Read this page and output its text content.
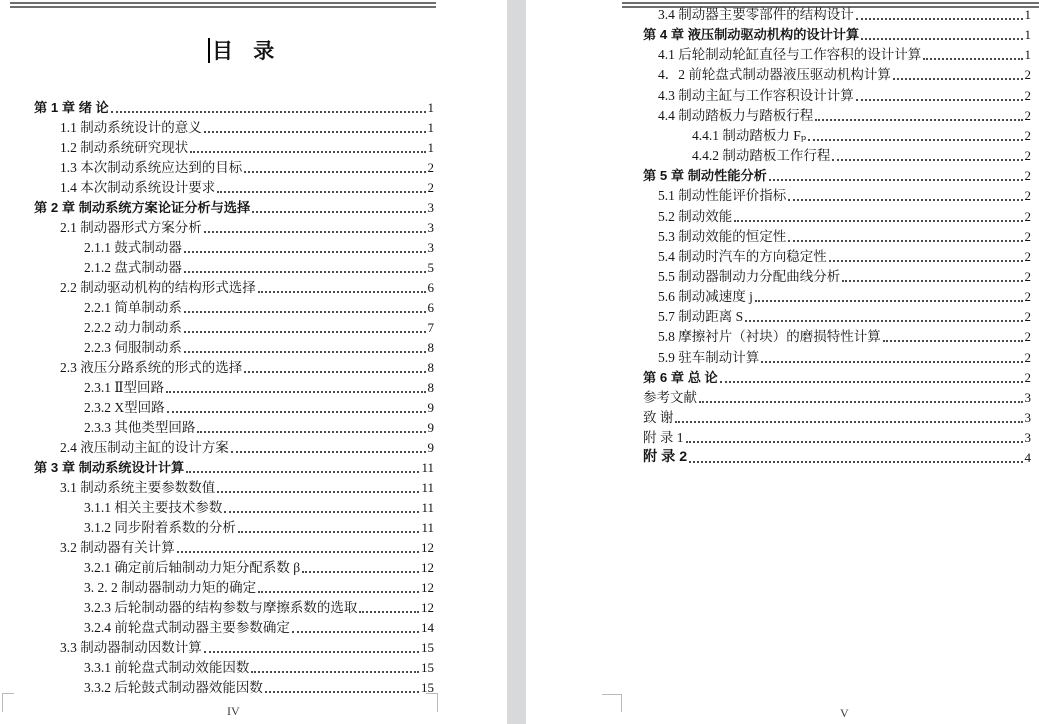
目 录
第 1 章 绪 论	1
1.1 制动系统设计的意义	1
1.2 制动系统研究现状	1
1.3 本次制动系统应达到的目标	2
1.4 本次制动系统设计要求	2
第 2 章 制动系统方案论证分析与选择	3
2.1 制动器形式方案分析	3
2.1.1 鼓式制动器	3
2.1.2 盘式制动器	5
2.2 制动驱动机构的结构形式选择	6
2.2.1 简单制动系	6
2.2.2 动力制动系	7
2.2.3 伺服制动系	8
2.3 液压分路系统的形式的选择	8
2.3.1 Ⅱ型回路	8
2.3.2 X型回路	9
2.3.3 其他类型回路	9
2.4 液压制动主缸的设计方案	9
第 3 章 制动系统设计计算	11
3.1 制动系统主要参数数值	11
3.1.1 相关主要技术参数	11
3.1.2 同步附着系数的分析	11
3.2 制动器有关计算	12
3.2.1 确定前后轴制动力矩分配系数 β	12
3. 2. 2 制动器制动力矩的确定	12
3.2.3 后轮制动器的结构参数与摩擦系数的选取	12
3.2.4 前轮盘式制动器主要参数确定	14
3.3 制动器制动因数计算	15
3.3.1 前轮盘式制动效能因数	15
3.3.2 后轮鼓式制动器效能因数	15
IV
3.4 制动器主要零部件的结构设计	1
第 4 章 液压制动驱动机构的设计计算	1
4.1 后轮制动轮缸直径与工作容积的设计计算	1
4．2 前轮盘式制动器液压驱动机构计算	2
4.3 制动主缸与工作容积设计计算	2
4.4 制动踏板力与踏板行程	2
4.4.1 制动踏板力 Fₚ	2
4.4.2 制动踏板工作行程	2
第 5 章 制动性能分析	2
5.1 制动性能评价指标	2
5.2 制动效能	2
5.3 制动效能的恒定性	2
5.4 制动时汽车的方向稳定性	2
5.5 制动器制动力分配曲线分析	2
5.6 制动减速度 j	2
5.7 制动距离 S	2
5.8 摩擦衬片（衬块）的磨损特性计算	2
5.9 驻车制动计算	2
第 6 章 总 论	2
参考文献	3
致 谢	3
附 录 1	3
附 录 2	4
V
